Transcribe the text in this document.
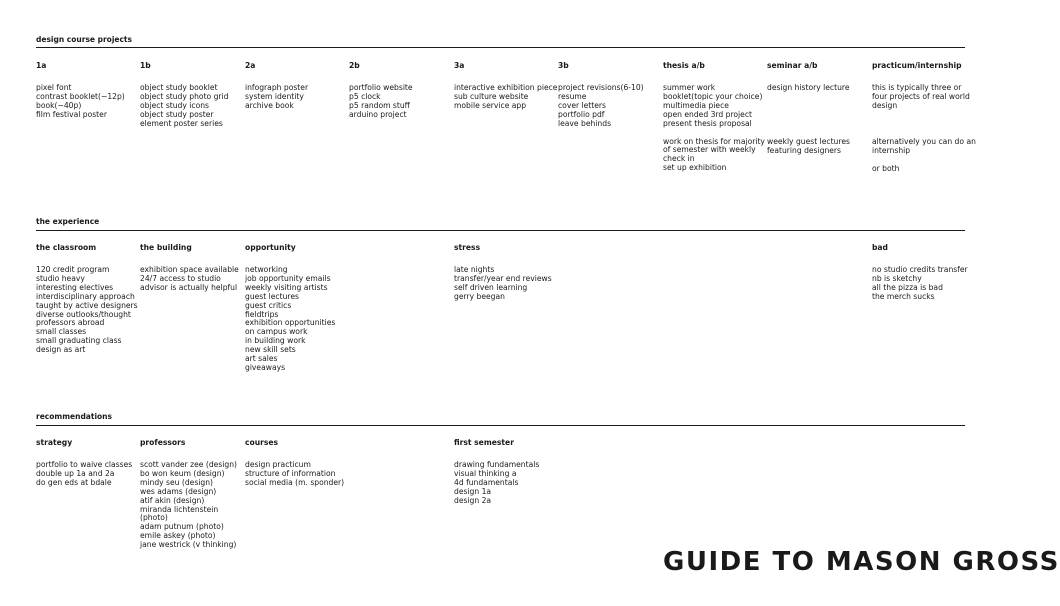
design course projects
1a
pixel font
contrast booklet(~12p)
book(~40p)
film festival poster
1b
object study booklet
object study photo grid
object study icons
object study poster
element poster series
2a
infograph poster
system identity
archive book
2b
portfolio website
p5 clock
p5 random stuff
arduino project
3a
interactive exhibition piece
sub culture website
mobile service app
3b
project revisions(6-10)
resume
cover letters
portfolio pdf
leave behinds
thesis a/b
summer work
booklet(topic your choice)
multimedia piece
open ended 3rd project
present thesis proposal
work on thesis for majority
of semester with weekly
check in
set up exhibition
seminar a/b
design history lecture
weekly guest lectures
featuring designers
practicum/internship
this is typically three or
four projects of real world
design
alternatively you can do an
internship
or both
the experience
the classroom
120 credit program
studio heavy
interesting electives
interdisciplinary approach
taught by active designers
diverse outlooks/thought
professors abroad
small classes
small graduating class
design as art
the building
exhibition space available
24/7 access to studio
advisor is actually helpful
opportunity
networking
job opportunity emails
weekly visiting artists
guest lectures
guest critics
fieldtrips
exhibition opportunities
on campus work
in building work
new skill sets
art sales
giveaways
stress
late nights
transfer/year end reviews
self driven learning
gerry beegan
bad
no studio credits transfer
nb is sketchy
all the pizza is bad
the merch sucks
recommendations
strategy
portfolio to waive classes
double up 1a and 2a
do gen eds at bdale
professors
scott vander zee (design)
bo won keum (design)
mindy seu (design)
wes adams (design)
atif akin (design)
miranda lichtenstein
(photo)
adam putnum (photo)
emile askey (photo)
jane westrick (v thinking)
courses
design practicum
structure of information
social media (m. sponder)
first semester
drawing fundamentals
visual thinking a
4d fundamentals
design 1a
design 2a
GUIDE TO MASON GROSS
